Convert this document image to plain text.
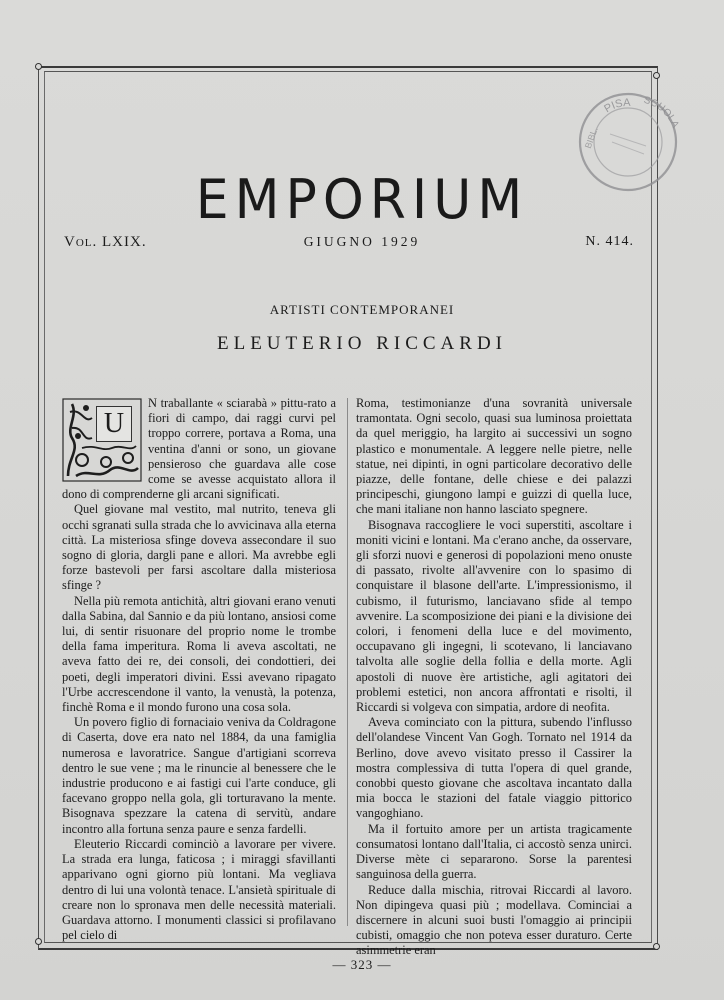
PISA SCUOLA
BIBL.
EMPORIUM
Vol. LXIX.	GIUGNO 1929	N. 414.
ARTISTI CONTEMPORANEI
ELEUTERIO RICCARDI
U

N traballante « sciarabà » pittu-rato a fiori di campo, dai raggi curvi pel troppo correre, portava a Roma, una ventina d'anni or sono, un giovane pensieroso che guardava alle cose come se avesse acquistato allora il dono di comprenderne gli arcani significati.

Quel giovane mal vestito, mal nutrito, teneva gli occhi sgranati sulla strada che lo avvicinava alla eterna città. La misteriosa sfinge doveva assecondare il suo sogno di gloria, dargli pane e allori. Ma avrebbe egli forze bastevoli per farsi ascoltare dalla misteriosa sfinge ?

Nella più remota antichità, altri giovani erano venuti dalla Sabina, dal Sannio e da più lontano, ansiosi come lui, di sentir risuonare del proprio nome le trombe della fama imperitura. Roma li aveva ascoltati, ne aveva fatto dei re, dei consoli, dei condottieri, dei poeti, degli imperatori divini. Essi avevano ripagato l'Urbe accrescendone il vanto, la venustà, la potenza, finchè Roma e il mondo furono una cosa sola.

Un povero figlio di fornaciaio veniva da Coldragone di Caserta, dove era nato nel 1884, da una famiglia numerosa e lavoratrice. Sangue d'artigiani scorreva dentro le sue vene ; ma le rinuncie al benessere che le industrie producono e ai fastigi cui l'arte conduce, gli facevano groppo nella gola, gli torturavano la mente. Bisognava spezzare la catena di servitù, andare incontro alla fortuna senza paure e senza fardelli.

Eleuterio Riccardi cominciò a lavorare per vivere. La strada era lunga, faticosa ; i miraggi sfavillanti apparivano ogni giorno più lontani. Ma vegliava dentro di lui una volontà tenace. L'ansietà spirituale di creare non lo spronava men delle necessità materiali. Guardava attorno. I monumenti classici si profilavano pel cielo di

Roma, testimonianze d'una sovranità universale tramontata. Ogni secolo, quasi sua luminosa proiettata da quel meriggio, ha largito ai successivi un sogno plastico e monumentale. A leggere nelle pietre, nelle statue, nei dipinti, in ogni particolare decorativo delle piazze, delle fontane, delle chiese e dei palazzi principeschi, giungono lampi e guizzi di quella luce, che mani italiane non hanno lasciato spegnere.

Bisognava raccogliere le voci superstiti, ascoltare i moniti vicini e lontani. Ma c'erano anche, da osservare, gli sforzi nuovi e generosi di popolazioni meno onuste di passato, rivolte all'avvenire con lo spasimo di conquistare il blasone dell'arte. L'impressionismo, il cubismo, il futurismo, lanciavano sfide al tempo avvenire. La scomposizione dei piani e la divisione dei colori, i fenomeni della luce e del movimento, occupavano gli ingegni, li scotevano, li lanciavano talvolta alle soglie della follia e della morte. Agli apostoli di nuove ère artistiche, agli agitatori dei problemi estetici, non ancora affrontati e risolti, il Riccardi si volgeva con simpatia, ardore di neofita.

Aveva cominciato con la pittura, subendo l'influsso dell'olandese Vincent Van Gogh. Tornato nel 1914 da Berlino, dove avevo visitato presso il Cassirer la mostra complessiva di tutta l'opera di quel grande, conobbi questo giovane che ascoltava incantato dalla mia bocca le stazioni del fatale viaggio pittorico vangoghiano.

Ma il fortuito amore per un artista tragicamente consumatosi lontano dall'Italia, ci accostò senza unirci. Diverse mète ci separarono. Sorse la parentesi sanguinosa della guerra.

Reduce dalla mischia, ritrovai Riccardi al lavoro. Non dipingeva quasi più ; modellava. Cominciai a discernere in alcuni suoi busti l'omaggio ai principii cubisti, omaggio che non poteva esser duraturo. Certe asimmetrie eran

— 323 —
